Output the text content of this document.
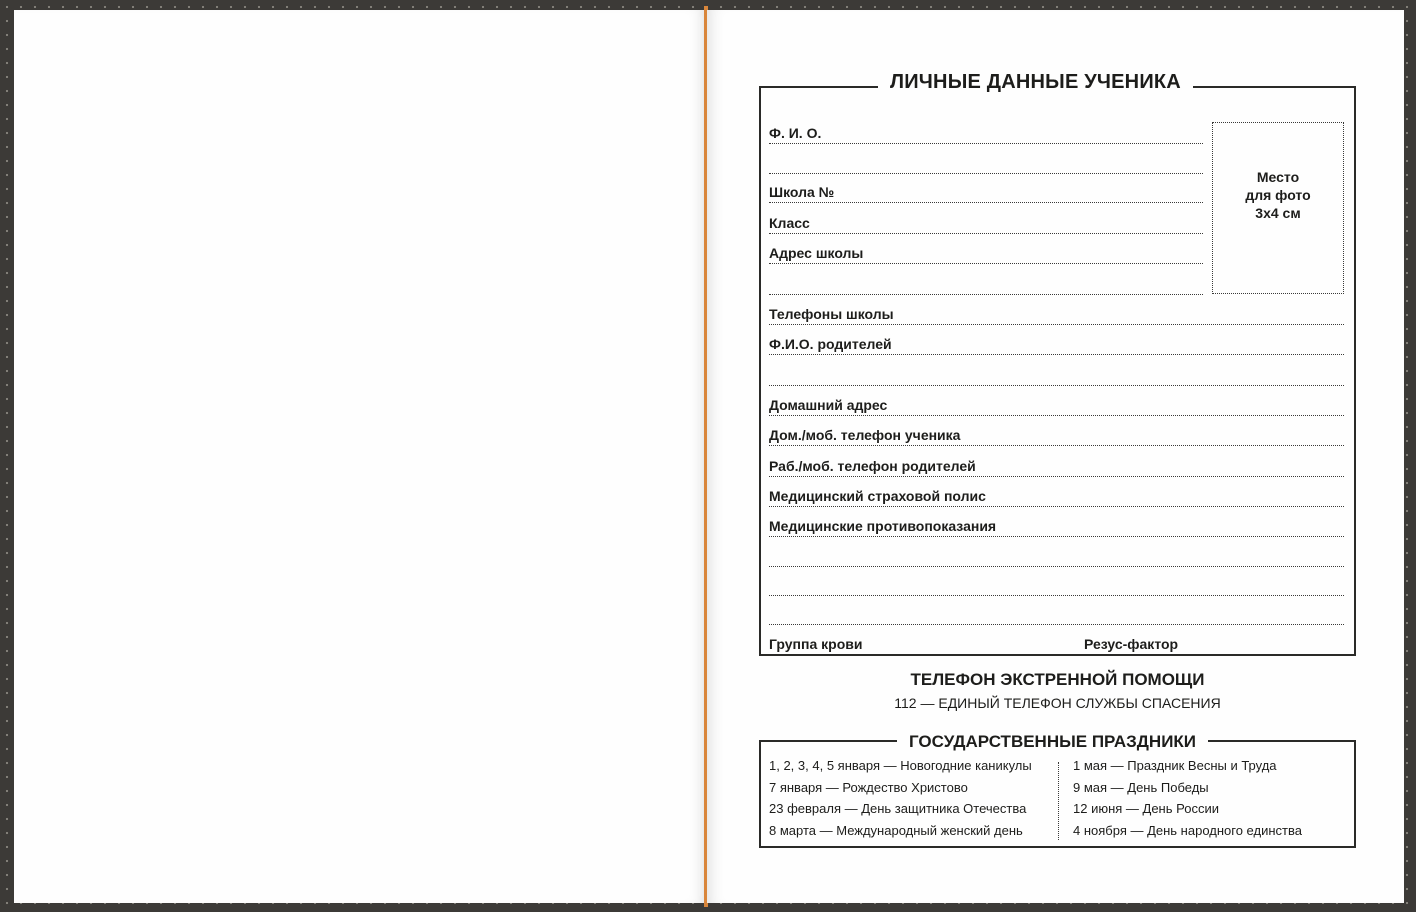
ЛИЧНЫЕ ДАННЫЕ УЧЕНИКА
Ф. И. О.
Школа №
Класс
Адрес школы
Телефоны школы
Ф.И.О. родителей
Домашний адрес
Дом./моб. телефон ученика
Раб./моб. телефон родителей
Медицинский страховой полис
Медицинские противопоказания
Группа крови	Резус-фактор
Место
для фото
3х4 см
ТЕЛЕФОН ЭКСТРЕННОЙ ПОМОЩИ
112 — ЕДИНЫЙ ТЕЛЕФОН СЛУЖБЫ СПАСЕНИЯ
ГОСУДАРСТВЕННЫЕ ПРАЗДНИКИ
1, 2, 3, 4, 5 января — Новогодние каникулы
7 января — Рождество Христово
23 февраля — День защитника Отечества
8 марта — Международный женский день
1 мая — Праздник Весны и Труда
9 мая — День Победы
12 июня — День России
4 ноября — День народного единства
